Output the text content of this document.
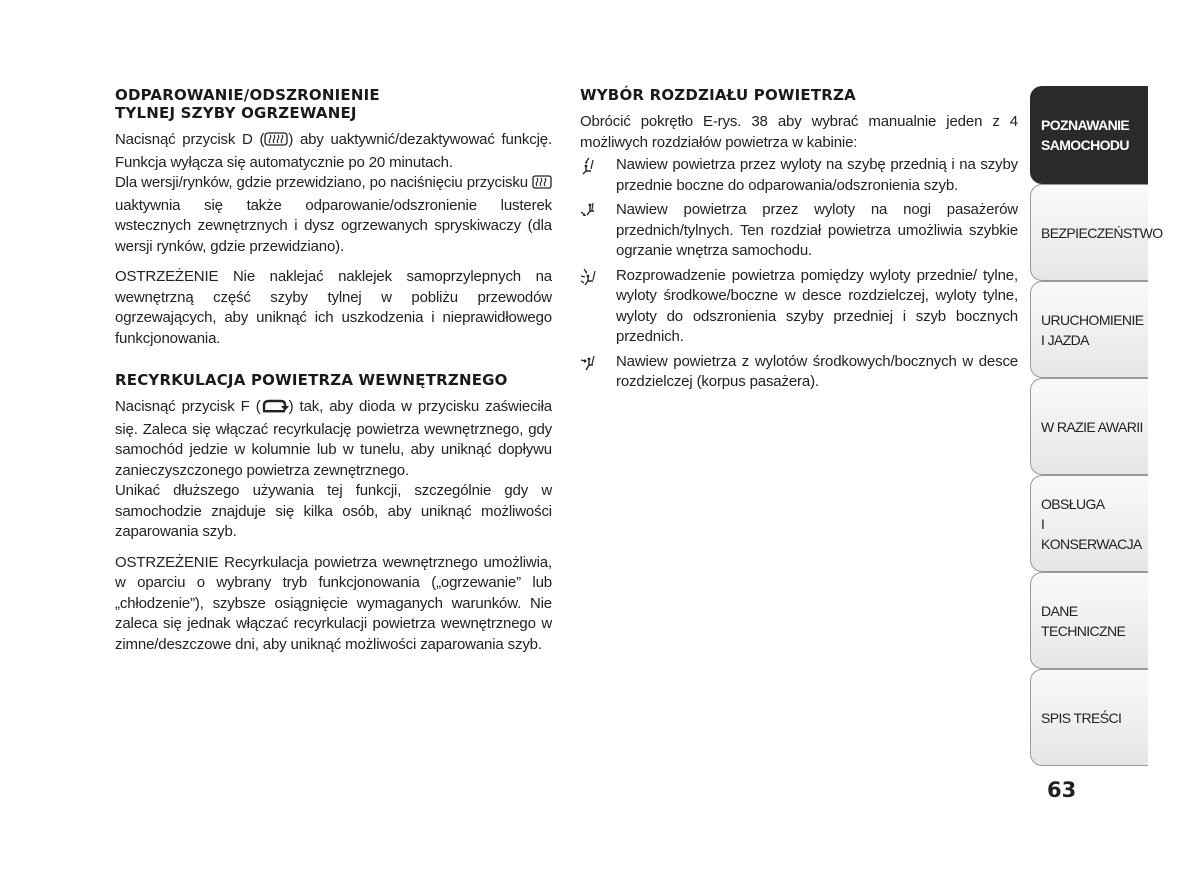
ODPAROWANIE/ODSZRONIENIE
TYLNEJ SZYBY OGRZEWANEJ

Nacisnąć przycisk D ( ) aby uaktywnić/dezaktywować funkcję. Funkcja wyłącza się automatycznie po 20 minutach.

Dla wersji/rynków, gdzie przewidziano, po naciśnięciu przycisku  uaktywnia się także odparowanie/odszronienie lusterek wstecznych zewnętrznych i dysz ogrzewanych spryskiwaczy (dla wersji rynków, gdzie przewidziano).

OSTRZEŻENIE Nie naklejać naklejek samoprzylepnych na wewnętrzną część szyby tylnej w pobliżu przewodów ogrzewających, aby uniknąć ich uszkodzenia i nieprawidłowego funkcjonowania.

RECYRKULACJA POWIETRZA WEWNĘTRZNEGO

Nacisnąć przycisk F ( ) tak, aby dioda w przycisku zaświeciła się. Zaleca się włączać recyrkulację powietrza wewnętrznego, gdy samochód jedzie w kolumnie lub w tunelu, aby uniknąć dopływu zanieczyszczonego powietrza zewnętrznego.

Unikać dłuższego używania tej funkcji, szczególnie gdy w samochodzie znajduje się kilka osób, aby uniknąć możliwości zaparowania szyb.

OSTRZEŻENIE Recyrkulacja powietrza wewnętrznego umożliwia, w oparciu o wybrany tryb funkcjonowania („ogrzewanie” lub „chłodzenie”), szybsze osiągnięcie wymaganych warunków. Nie zaleca się jednak włączać recyrkulacji powietrza wewnętrznego w zimne/deszczowe dni, aby uniknąć możliwości zaparowania szyb.

WYBÓR ROZDZIAŁU POWIETRZA

Obrócić pokrętło E-rys. 38 aby wybrać manualnie jeden z 4 możliwych rozdziałów powietrza w kabinie:

Nawiew powietrza przez wyloty na szybę przednią i na szyby przednie boczne do odparowania/odszronienia szyb.

Nawiew powietrza przez wyloty na nogi pasażerów przednich/tylnych. Ten rozdział powietrza umożliwia szybkie ogrzanie wnętrza samochodu.

Rozprowadzenie powietrza pomiędzy wyloty przednie/ tylne, wyloty środkowe/boczne w desce rozdzielczej, wyloty tylne, wyloty do odszronienia szyby przedniej i szyb bocznych przednich.

Nawiew powietrza z wylotów środkowych/bocznych w desce rozdzielczej (korpus pasażera).

POZNAWANIE
SAMOCHODU
BEZPIECZEŃSTWO
URUCHOMIENIE
I JAZDA
W RAZIE AWARII
OBSŁUGA
I KONSERWACJA
DANE
TECHNICZNE
SPIS TREŚCI
63
